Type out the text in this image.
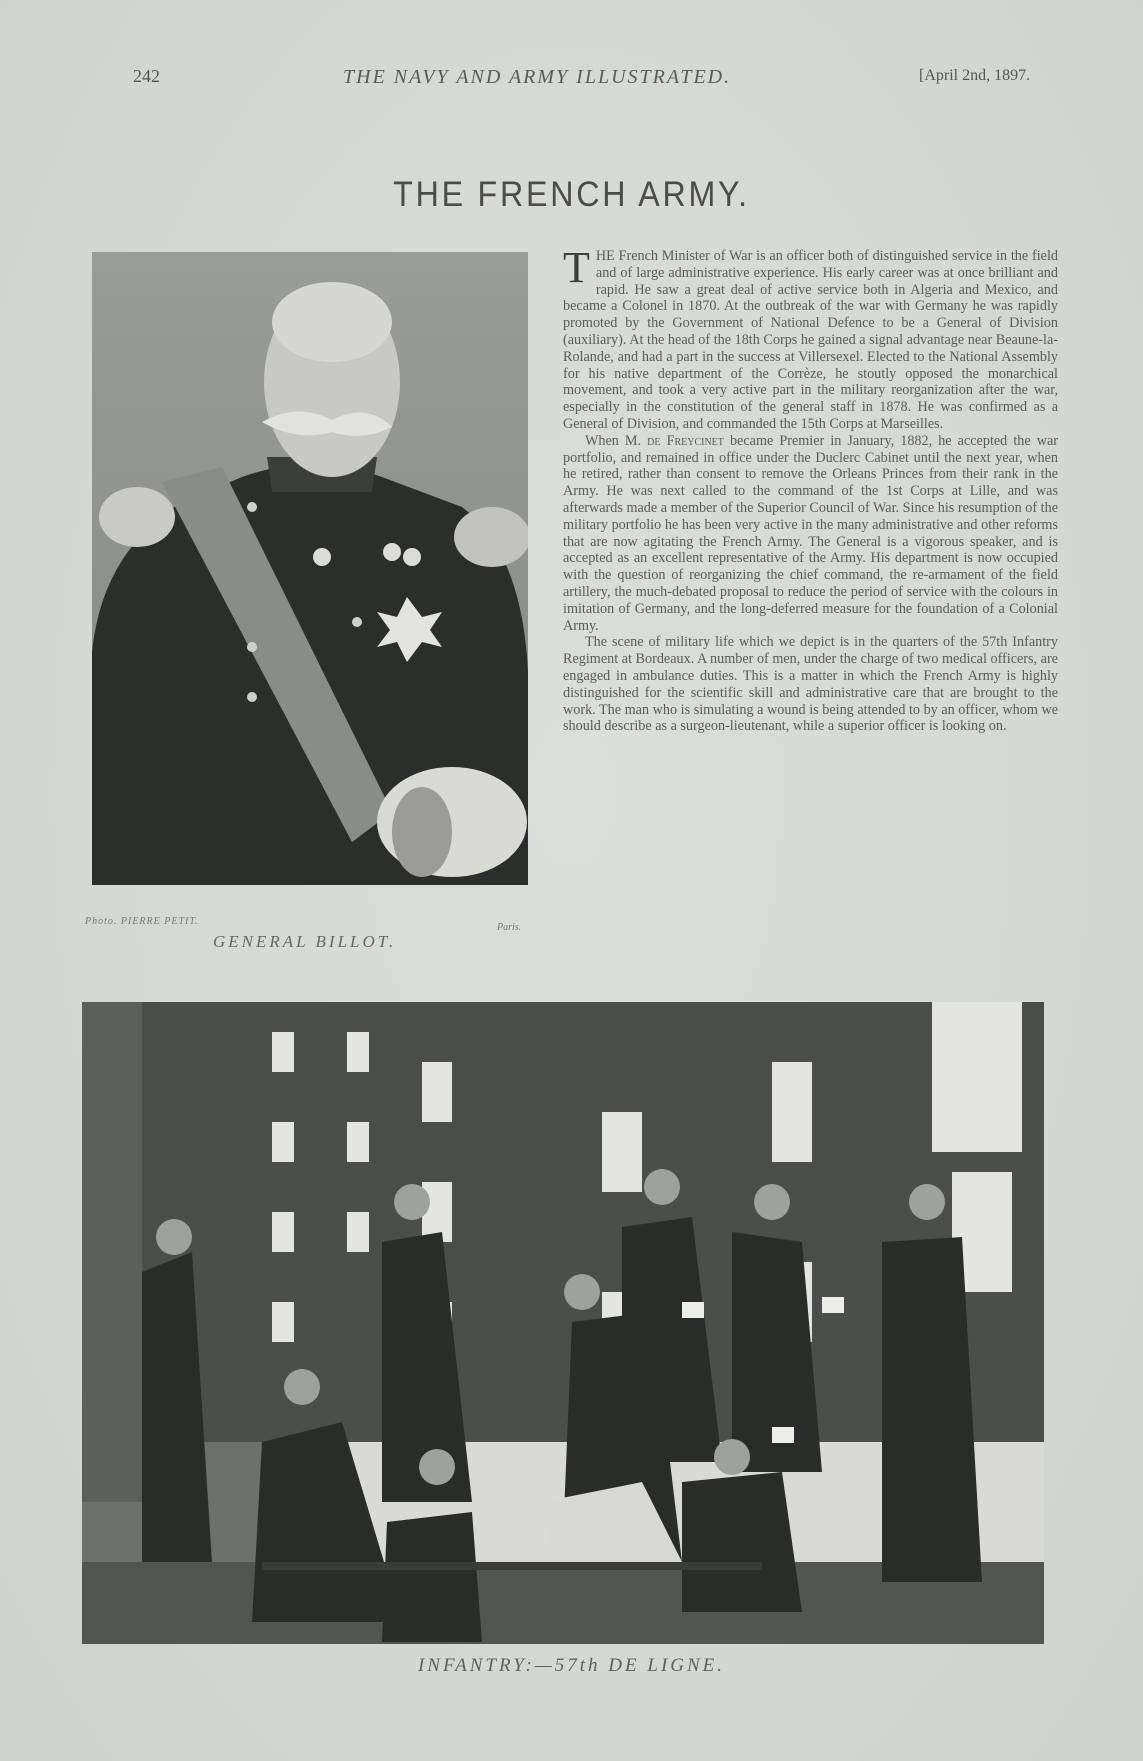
242	THE NAVY AND ARMY ILLUSTRATED.	[April 2nd, 1897.
THE FRENCH ARMY.
Photo. PIERRE PETIT.
Paris.
GENERAL BILLOT.

THE French Minister of War is an officer both of distinguished service in the field and of large administrative experience. His early career was at once brilliant and rapid. He saw a great deal of active service both in Algeria and Mexico, and became a Colonel in 1870. At the outbreak of the war with Germany he was rapidly promoted by the Government of National Defence to be a General of Division (auxiliary). At the head of the 18th Corps he gained a signal advantage near Beaune-la-Rolande, and had a part in the success at Villersexel. Elected to the National Assembly for his native department of the Corrèze, he stoutly opposed the monarchical movement, and took a very active part in the military reorganization after the war, especially in the constitution of the general staff in 1878. He was confirmed as a General of Division, and commanded the 15th Corps at Marseilles.

When M. de Freycinet became Premier in January, 1882, he accepted the war portfolio, and remained in office under the Duclerc Cabinet until the next year, when he retired, rather than consent to remove the Orleans Princes from their rank in the Army. He was next called to the command of the 1st Corps at Lille, and was afterwards made a member of the Superior Council of War. Since his resumption of the military portfolio he has been very active in the many administrative and other reforms that are now agitating the French Army. The General is a vigorous speaker, and is accepted as an excellent representative of the Army. His department is now occupied with the question of reorganizing the chief command, the re-armament of the field artillery, the much-debated proposal to reduce the period of service with the colours in imitation of Germany, and the long-deferred measure for the foundation of a Colonial Army.

The scene of military life which we depict is in the quarters of the 57th Infantry Regiment at Bordeaux. A number of men, under the charge of two medical officers, are engaged in ambulance duties. This is a matter in which the French Army is highly distinguished for the scientific skill and administrative care that are brought to the work. The man who is simulating a wound is being attended to by an officer, whom we should describe as a surgeon-lieutenant, while a superior officer is looking on.

INFANTRY:—57th DE LIGNE.
